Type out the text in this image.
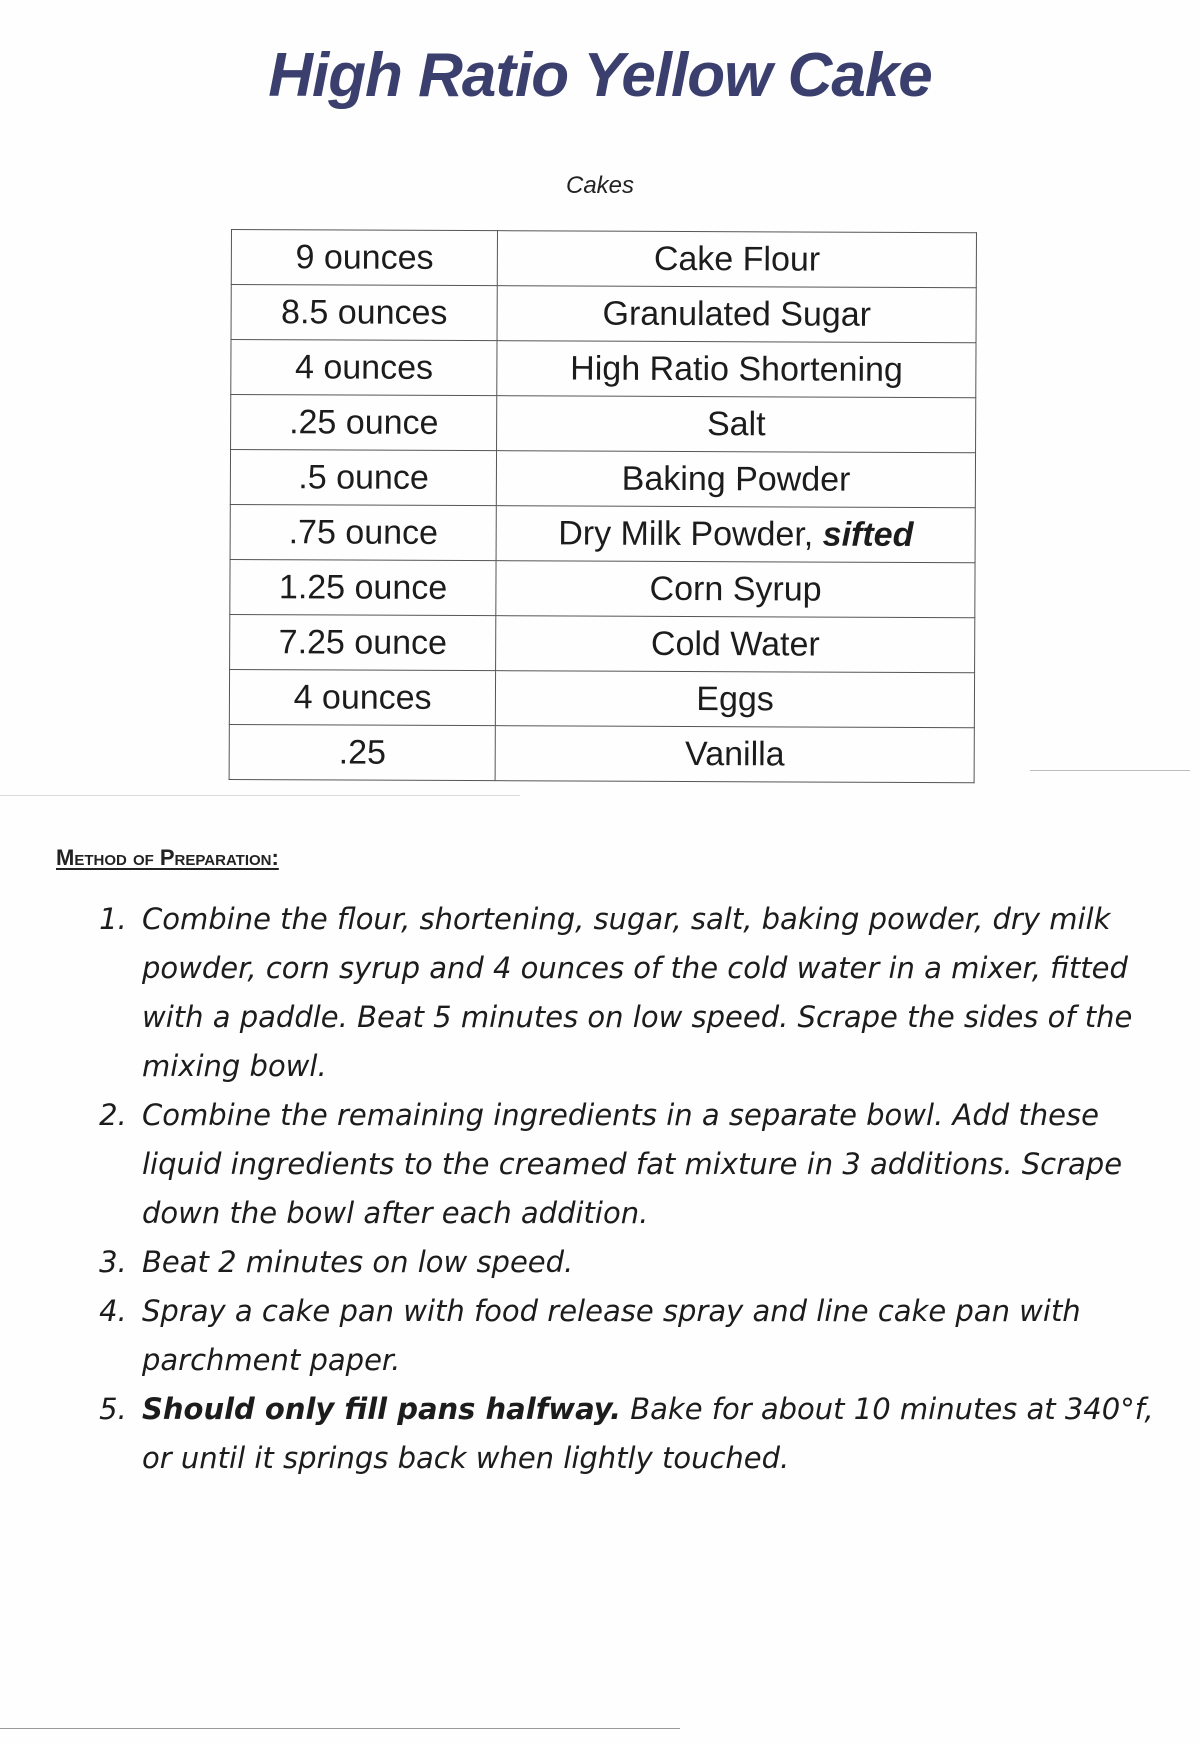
High Ratio Yellow Cake
Cakes
9 ounces	Cake Flour
8.5 ounces	Granulated Sugar
4 ounces	High Ratio Shortening
.25 ounce	Salt
.5 ounce	Baking Powder
.75 ounce	Dry Milk Powder, sifted
1.25 ounce	Corn Syrup
7.25 ounce	Cold Water
4 ounces	Eggs
.25	Vanilla
Method of Preparation:
1. Combine the flour, shortening, sugar, salt, baking powder, dry milk powder, corn syrup and 4 ounces of the cold water in a mixer, fitted with a paddle. Beat 5 minutes on low speed. Scrape the sides of the mixing bowl.
2. Combine the remaining ingredients in a separate bowl. Add these liquid ingredients to the creamed fat mixture in 3 additions. Scrape down the bowl after each addition.
3. Beat 2 minutes on low speed.
4. Spray a cake pan with food release spray and line cake pan with parchment paper.
5. Should only fill pans halfway. Bake for about 10 minutes at 340°f, or until it springs back when lightly touched.
